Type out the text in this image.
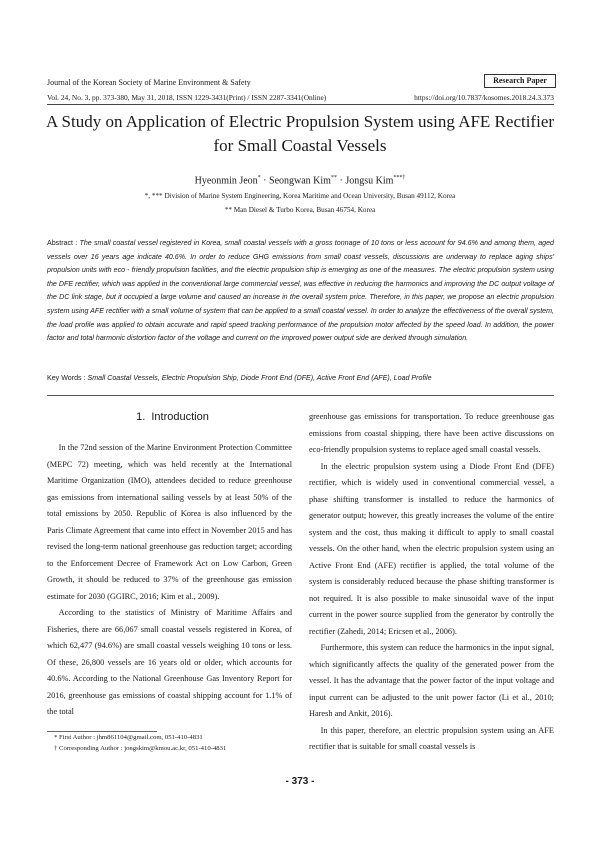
Journal of the Korean Society of Marine Environment & Safety	Research Paper
Vol. 24, No. 3, pp. 373-380, May 31, 2018, ISSN 1229-3431(Print) / ISSN 2287-3341(Online)	https://doi.org/10.7837/kosomes.2018.24.3.373
A Study on Application of Electric Propulsion System using AFE Rectifier
for Small Coastal Vessels
Hyeonmin Jeon* · Seongwan Kim** · Jongsu Kim***†
*, *** Division of Marine System Engineering, Korea Maritime and Ocean University, Busan 49112, Korea
** Man Diesel & Turbo Korea, Busan 46754, Korea
Abstract : The small coastal vessel registered in Korea, small coastal vessels with a gross tonnage of 10 tons or less account for 94.6% and among them, aged vessels over 16 years age indicate 40.6%. In order to reduce GHG emissions from small coast vessels, discussions are underway to replace aging ships' propulsion units with eco - friendly propulsion facilities, and the electric propulsion ship is emerging as one of the measures. The electric propulsion system using the DFE rectifier, which was applied in the conventional large commercial vessel, was effective in reducing the harmonics and improving the DC output voltage of the DC link stage, but it occupied a large volume and caused an increase in the overall system price. Therefore, in this paper, we propose an electric propulsion system using AFE rectifier with a small volume of system that can be applied to a small coastal vessel. In order to analyze the effectiveness of the overall system, the load profile was applied to obtain accurate and rapid speed tracking performance of the propulsion motor affected by the speed load. In addition, the power factor and total harmonic distortion factor of the voltage and current on the improved power output side are derived through simulation.
Key Words : Small Coastal Vessels, Electric Propulsion Ship, Diode Front End (DFE), Active Front End (AFE), Load Profile
1. Introduction

In the 72nd session of the Marine Environment Protection Committee (MEPC 72) meeting, which was held recently at the International Maritime Organization (IMO), attendees decided to reduce greenhouse gas emissions from international sailing vessels by at least 50% of the total emissions by 2050. Republic of Korea is also influenced by the Paris Climate Agreement that came into effect in November 2015 and has revised the long-term national greenhouse gas reduction target; according to the Enforcement Decree of Framework Act on Low Carbon, Green Growth, it should be reduced to 37% of the greenhouse gas emission estimate for 2030 (GGIRC, 2016; Kim et al., 2009).

According to the statistics of Ministry of Maritime Affairs and Fisheries, there are 66,067 small coastal vessels registered in Korea, of which 62,477 (94.6%) are small coastal vessels weighing 10 tons or less. Of these, 26,800 vessels are 16 years old or older, which accounts for 40.6%. According to the National Greenhouse Gas Inventory Report for 2016, greenhouse gas emissions of coastal shipping account for 1.1% of the total

greenhouse gas emissions for transportation. To reduce greenhouse gas emissions from coastal shipping, there have been active discussions on eco-friendly propulsion systems to replace aged small coastal vessels.

In the electric propulsion system using a Diode Front End (DFE) rectifier, which is widely used in conventional commercial vessel, a phase shifting transformer is installed to reduce the harmonics of generator output; however, this greatly increases the volume of the entire system and the cost, thus making it difficult to apply to small coastal vessels. On the other hand, when the electric propulsion system using an Active Front End (AFE) rectifier is applied, the total volume of the system is considerably reduced because the phase shifting transformer is not required. It is also possible to make sinusoidal wave of the input current in the power source supplied from the generator by controlly the rectifier (Zahedi, 2014; Ericsen et al., 2006).

Furthermore, this system can reduce the harmonics in the input signal, which significantly affects the quality of the generated power from the vessel. It has the advantage that the power factor of the input voltage and input current can be adjusted to the unit power factor (Li et al., 2010; Haresh and Ankit, 2016).

In this paper, therefore, an electric propulsion system using an AFE rectifier that is suitable for small coastal vessels is

* First Author : jhm861104@gmail.com, 051-410-4831
† Corresponding Author : jongskim@kmou.ac.kr, 051-410-4831
- 373 -
